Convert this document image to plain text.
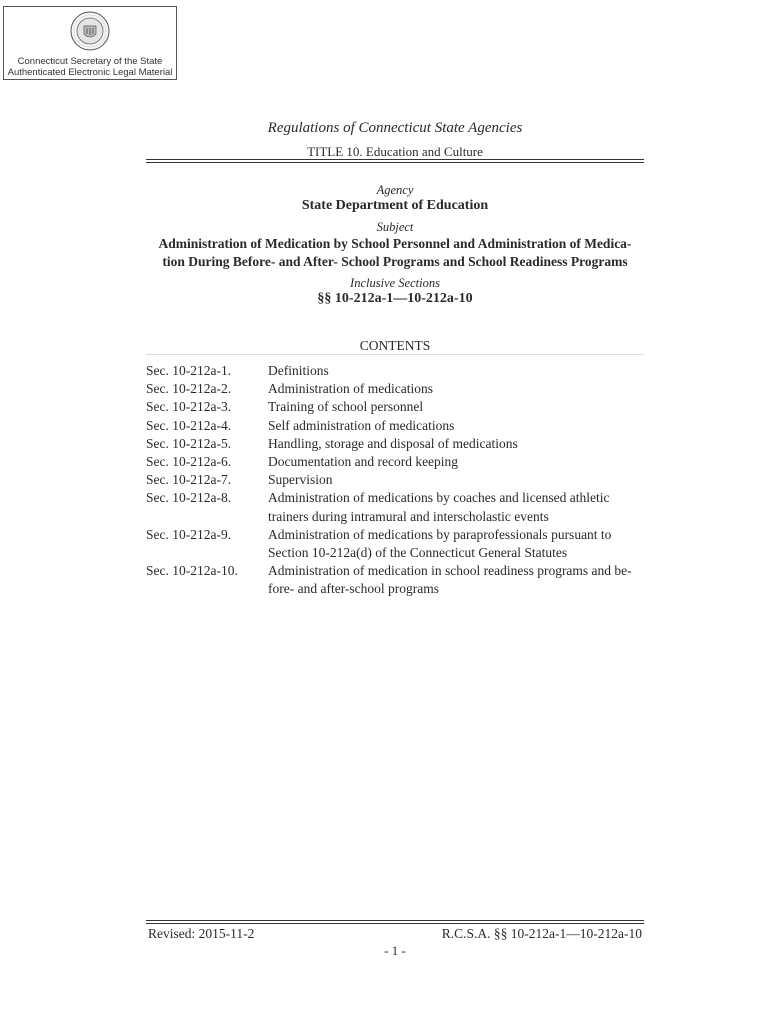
Connecticut Secretary of the State
Authenticated Electronic Legal Material
Regulations of Connecticut State Agencies
TITLE 10. Education and Culture
Agency
State Department of Education
Subject
Administration of Medication by School Personnel and Administration of Medica-
tion During Before- and After- School Programs and School Readiness Programs
Inclusive Sections
§§ 10-212a-1—10-212a-10
CONTENTS
Sec. 10-212a-1.	Definitions
Sec. 10-212a-2.	Administration of medications
Sec. 10-212a-3.	Training of school personnel
Sec. 10-212a-4.	Self administration of medications
Sec. 10-212a-5.	Handling, storage and disposal of medications
Sec. 10-212a-6.	Documentation and record keeping
Sec. 10-212a-7.	Supervision
Sec. 10-212a-8.	Administration of medications by coaches and licensed athletic
trainers during intramural and interscholastic events
Sec. 10-212a-9.	Administration of medications by paraprofessionals pursuant to
Section 10-212a(d) of the Connecticut General Statutes
Sec. 10-212a-10.	Administration of medication in school readiness programs and be-
fore- and after-school programs
Revised: 2015-11-2	R.C.S.A. §§ 10-212a-1—10-212a-10
- 1 -
